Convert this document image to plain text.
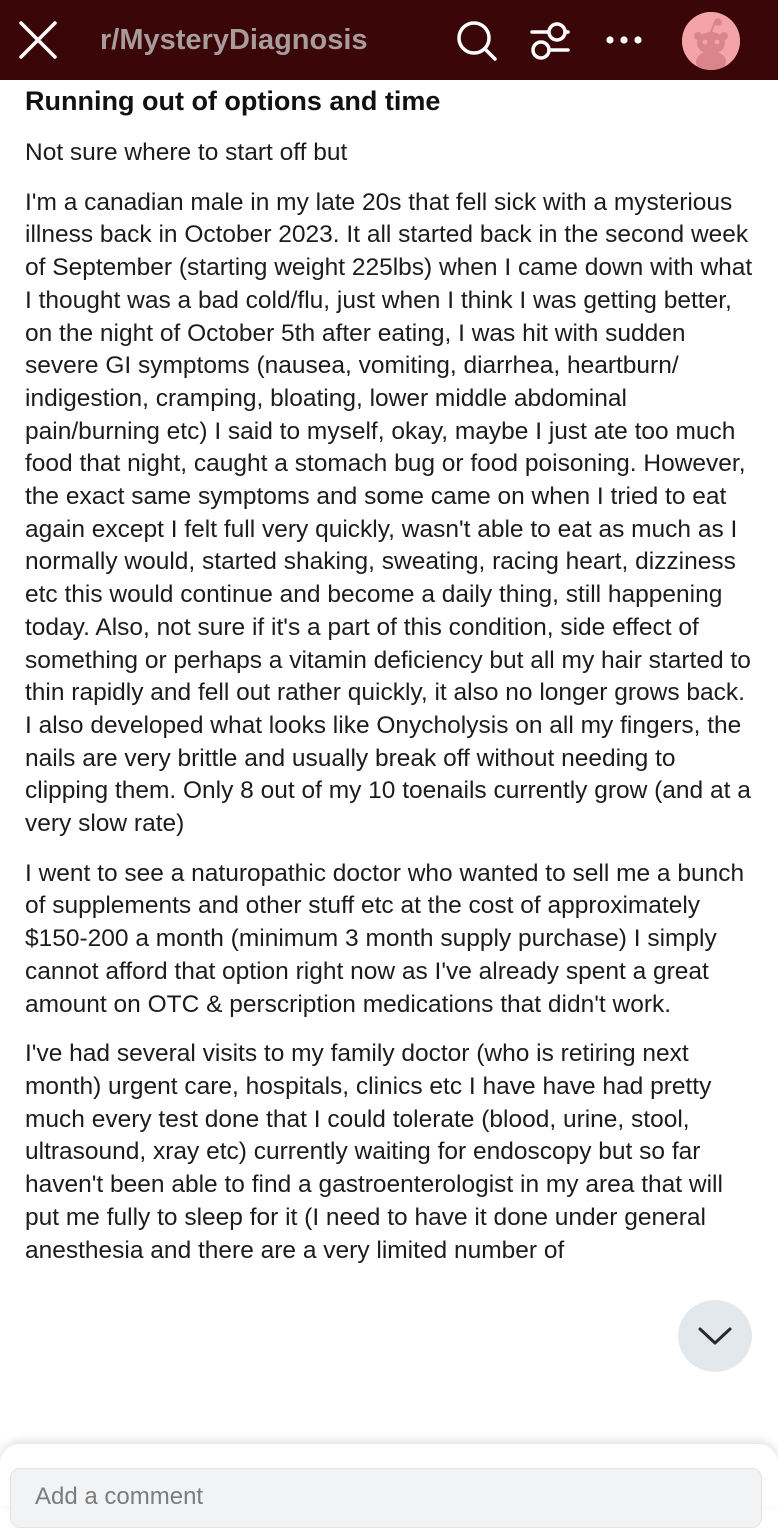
r/MysteryDiagnosis
Running out of options and time

Not sure where to start off but

I'm a canadian male in my late 20s that fell sick with a mysterious illness back in October 2023. It all started back in the second week of September (starting weight 225lbs) when I came down with what I thought was a bad cold/flu, just when I think I was getting better, on the night of October 5th after eating, I was hit with sudden severe GI symptoms (nausea, vomiting, diarrhea, heartburn/ indigestion, cramping, bloating, lower middle abdominal pain/burning etc) I said to myself, okay, maybe I just ate too much food that night, caught a stomach bug or food poisoning. However, the exact same symptoms and some came on when I tried to eat again except I felt full very quickly, wasn't able to eat as much as I normally would, started shaking, sweating, racing heart, dizziness etc this would continue and become a daily thing, still happening today. Also, not sure if it's a part of this condition, side effect of something or perhaps a vitamin deficiency but all my hair started to thin rapidly and fell out rather quickly, it also no longer grows back. I also developed what looks like Onycholysis on all my fingers, the nails are very brittle and usually break off without needing to clipping them. Only 8 out of my 10 toenails currently grow (and at a very slow rate)

I went to see a naturopathic doctor who wanted to sell me a bunch of supplements and other stuff etc at the cost of approximately $150-200 a month (minimum 3 month supply purchase) I simply cannot afford that option right now as I've already spent a great amount on OTC & perscription medications that didn't work.

I've had several visits to my family doctor (who is retiring next month) urgent care, hospitals, clinics etc I have have had pretty much every test done that I could tolerate (blood, urine, stool, ultrasound, xray etc) currently waiting for endoscopy but so far haven't been able to find a gastroenterologist in my area that will put me fully to sleep for it (I need to have it done under general anesthesia and there are a very limited number of

Add a comment
